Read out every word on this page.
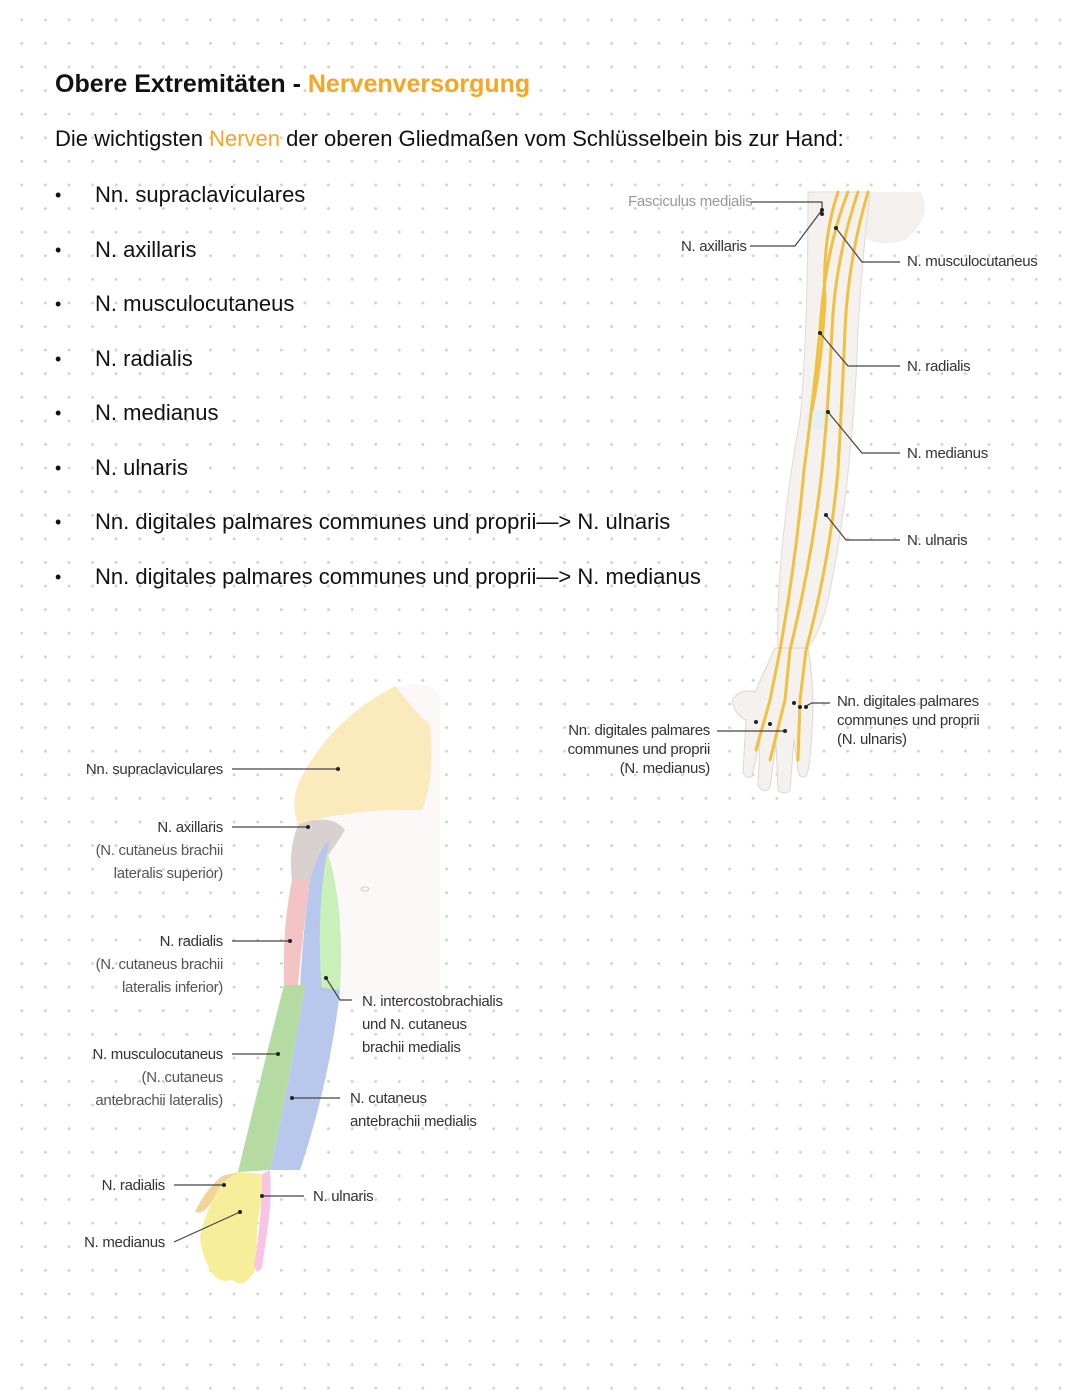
Obere Extremitäten - Nervenversorgung

Die wichtigsten Nerven der oberen Gliedmaßen vom Schlüsselbein bis zur Hand:

• Nn. supraclaviculares
• N. axillaris
• N. musculocutaneus
• N. radialis
• N. medianus
• N. ulnaris
• Nn. digitales palmares communes und proprii—> N. ulnaris
• Nn. digitales palmares communes und proprii—> N. medianus
Fasciculus medialis
N. axillaris
N. musculocutaneus
N. radialis
N. medianus
N. ulnaris
Nn. digitales palmares
communes und proprii
(N. ulnaris)
Nn. digitales palmares
communes und proprii
(N. medianus)
Nn. supraclaviculares
N. axillaris
(N. cutaneus brachii
lateralis superior)
N. radialis
(N. cutaneus brachii
lateralis inferior)
N. musculocutaneus
(N. cutaneus
antebrachii lateralis)
N. radialis
N. medianus
N. intercostobrachialis
und N. cutaneus
brachii medialis
N. cutaneus
antebrachii medialis
N. ulnaris
